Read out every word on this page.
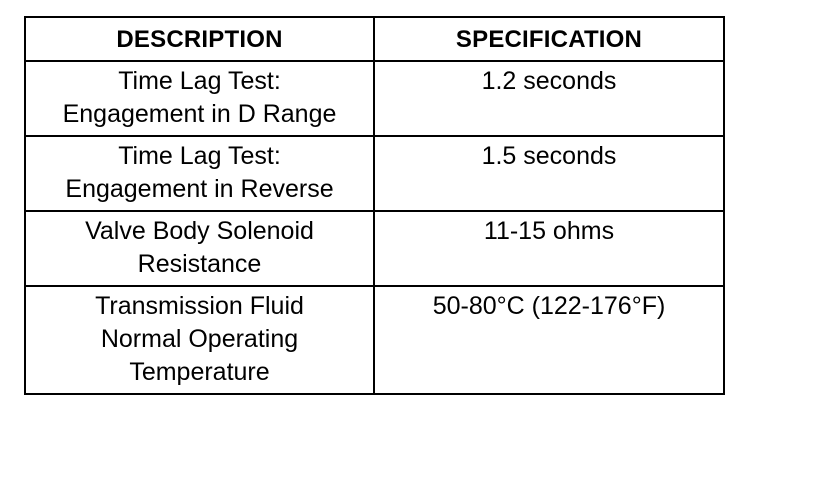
DESCRIPTION	SPECIFICATION

Time Lag Test:
Engagement in D Range	1.2 seconds

Time Lag Test:
Engagement in Reverse	1.5 seconds

Valve Body Solenoid
Resistance	11-15 ohms

Transmission Fluid
Normal Operating
Temperature	50-80°C (122-176°F)
